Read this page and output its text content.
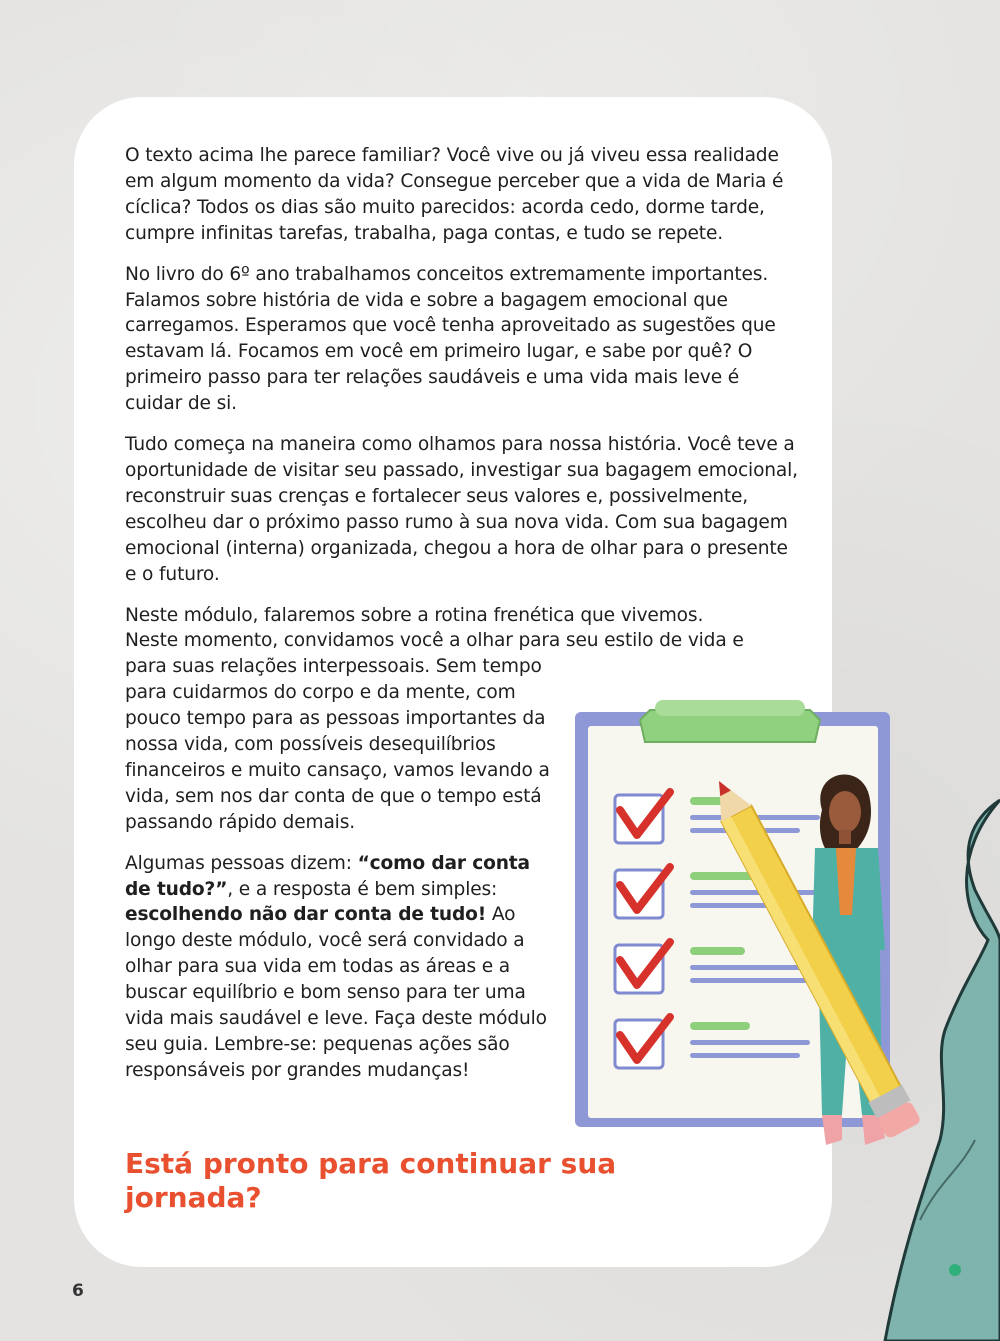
O texto acima lhe parece familiar? Você vive ou já viveu essa realidade em algum momento da vida? Consegue perceber que a vida de Maria é cíclica? Todos os dias são muito parecidos: acorda cedo, dorme tarde, cumpre infinitas tarefas, trabalha, paga contas, e tudo se repete.

No livro do 6º ano trabalhamos conceitos extremamente importantes. Falamos sobre história de vida e sobre a bagagem emocional que carregamos. Esperamos que você tenha aproveitado as sugestões que estavam lá. Focamos em você em primeiro lugar, e sabe por quê? O primeiro passo para ter relações saudáveis e uma vida mais leve é cuidar de si.

Tudo começa na maneira como olhamos para nossa história. Você teve a oportunidade de visitar seu passado, investigar sua bagagem emocional, reconstruir suas crenças e fortalecer seus valores e, possivelmente, escolheu dar o próximo passo rumo à sua nova vida. Com sua bagagem emocional (interna) organizada, chegou a hora de olhar para o presente e o futuro.

Neste módulo, falaremos sobre a rotina frenética que vivemos.
Neste momento, convidamos você a olhar para seu estilo de vida e

para suas relações interpessoais. Sem tempo para cuidarmos do corpo e da mente, com pouco tempo para as pessoas importantes da nossa vida, com possíveis desequilíbrios financeiros e muito cansaço, vamos levando a vida, sem nos dar conta de que o tempo está passando rápido demais.

Algumas pessoas dizem: “como dar conta de tudo?”, e a resposta é bem simples: escolhendo não dar conta de tudo! Ao longo deste módulo, você será convidado a olhar para sua vida em todas as áreas e a buscar equilíbrio e bom senso para ter uma vida mais saudável e leve. Faça deste módulo seu guia. Lembre-se: pequenas ações são responsáveis por grandes mudanças!

Está pronto para continuar sua jornada?
6
